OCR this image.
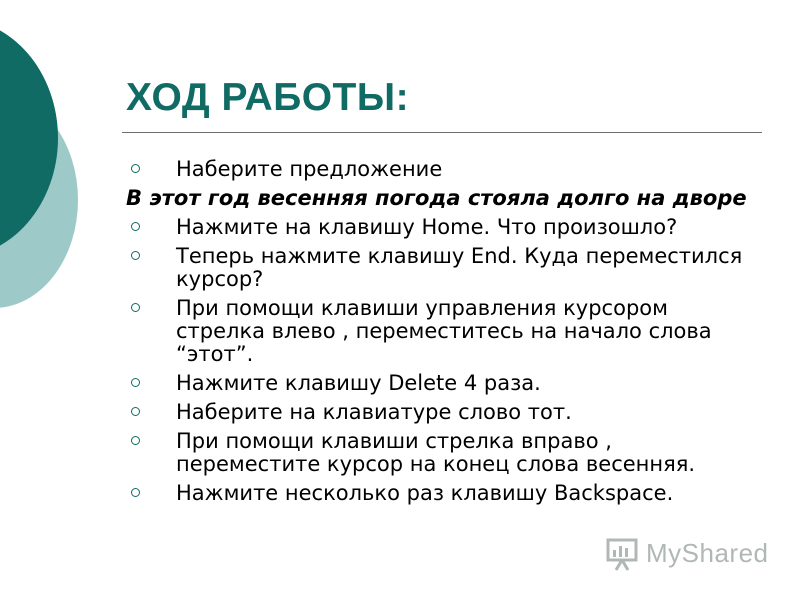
ХОД РАБОТЫ:
Наберите предложение
В этот год весенняя погода стояла долго на дворе
Нажмите на клавишу Home. Что произошло?
Теперь нажмите клавишу End. Куда переместился курсор?
При помощи клавиши управления курсором стрелка влево , переместитесь на начало слова “этот”.
Нажмите клавишу Delete 4 раза.
Наберите на клавиатуре слово тот.
При помощи клавиши стрелка вправо , переместите курсор на конец слова весенняя.
Нажмите несколько раз клавишу Backspace.
MyShared
